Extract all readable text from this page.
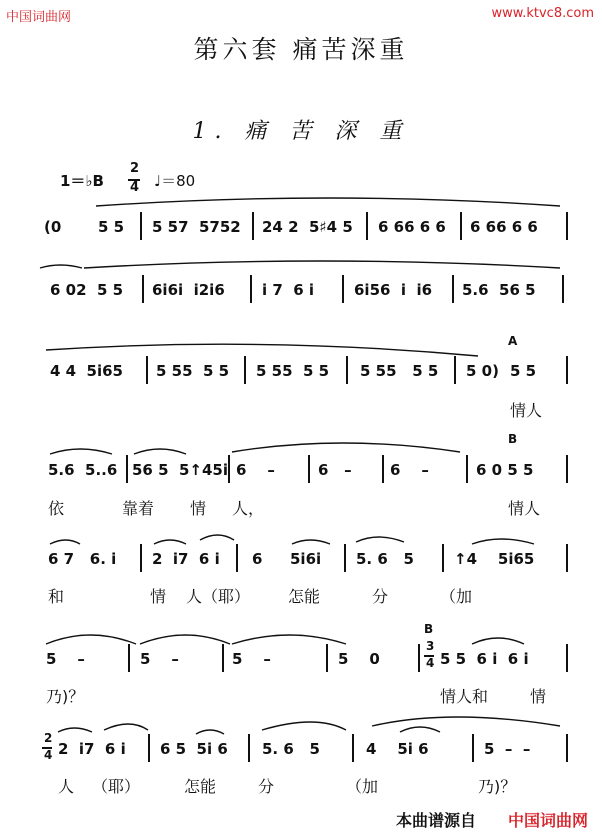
中国词曲网	www.ktvc8.com
第六套 痛苦深重
1. 痛 苦 深 重
1＝♭B
2
4 ♩＝80
(0 5 5 5 57  5752 24 2  5♯4 5 6 66 6 6 6 66 6 6
6 02  5 5 6i6i  i2i6 i 7  6 i	6i56  i  i6 5.6  56 5
4 4  5i65 5 55  5 5 5 55  5 5 5 55   5 5 5 0) 5 5
A
情人
5.6  5..6 56 5  5↑45i 6    –	6   –	6    –	6 0 5 5
B
依	靠着 情 人，	情人
6 7   6. i 2  i7  6 i 6 5i6i 5. 6   5	↑4    5i65
和	情 人（耶） 怎能	分	（加
5    –	5    –	5    –	5    0	5 5  6 i  6 i
B
3
4
乃)？	情人和	情
2
4 2  i7  6 i 6 5  5i 6 5. 6   5	4    5i 6	5  –  –
人 （耶）	怎能	分	（加	乃)？
本曲谱源自 中国词曲网
